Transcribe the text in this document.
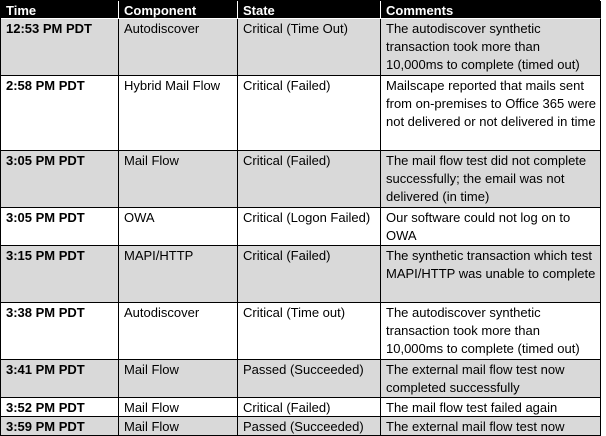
Time	Component	State	Comments
12:53 PM PDT	Autodiscover	Critical (Time Out)	The autodiscover synthetic transaction took more than 10,000ms to complete (timed out)
2:58 PM PDT	Hybrid Mail Flow	Critical (Failed)	Mailscape reported that mails sent from on-premises to Office 365 were not delivered or not delivered in time
3:05 PM PDT	Mail Flow	Critical (Failed)	The mail flow test did not complete successfully; the email was not delivered (in time)
3:05 PM PDT	OWA	Critical (Logon Failed)	Our software could not log on to OWA
3:15 PM PDT	MAPI/HTTP	Critical (Failed)	The synthetic transaction which test MAPI/HTTP was unable to complete
3:38 PM PDT	Autodiscover	Critical (Time out)	The autodiscover synthetic transaction took more than 10,000ms to complete (timed out)
3:41 PM PDT	Mail Flow	Passed (Succeeded)	The external mail flow test now completed successfully
3:52 PM PDT	Mail Flow	Critical (Failed)	The mail flow test failed again
3:59 PM PDT	Mail Flow	Passed (Succeeded)	The external mail flow test now
